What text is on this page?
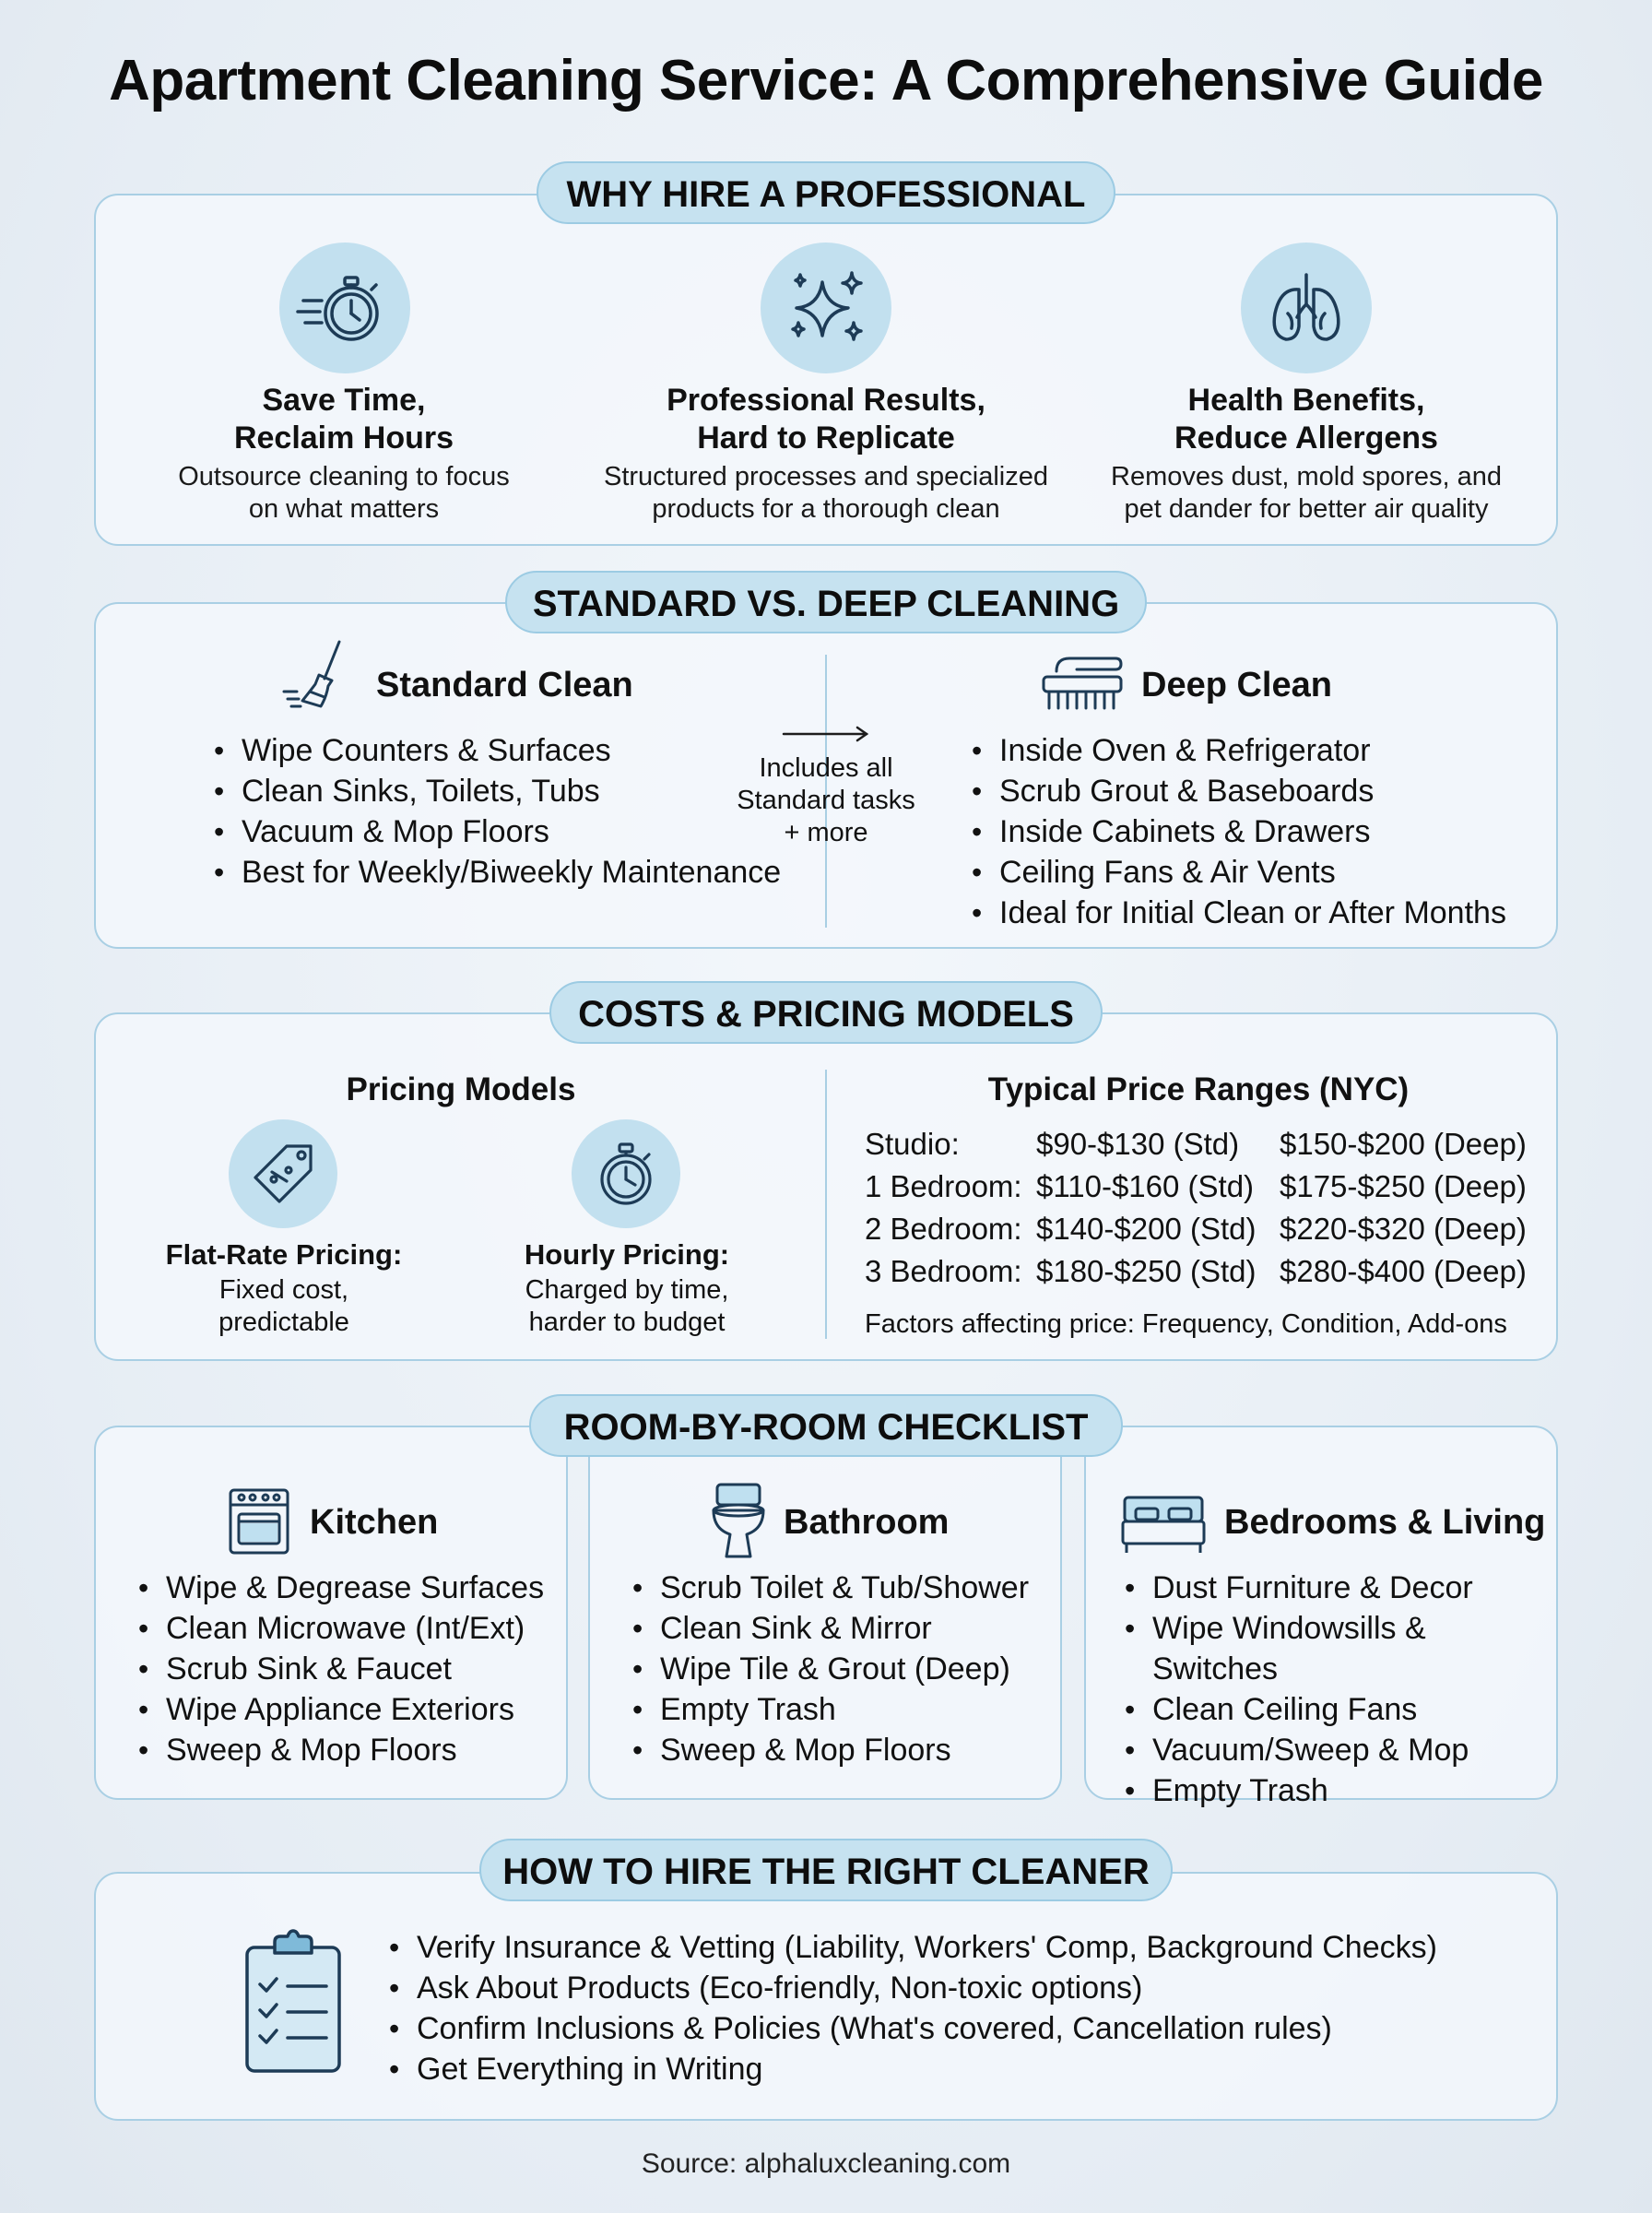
Apartment Cleaning Service: A Comprehensive Guide
WHY HIRE A PROFESSIONAL
Save Time,
Reclaim Hours
Outsource cleaning to focus
on what matters
Professional Results,
Hard to Replicate
Structured processes and specialized
products for a thorough clean
Health Benefits,
Reduce Allergens
Removes dust, mold spores, and
pet dander for better air quality
STANDARD VS. DEEP CLEANING
Standard Clean
• Wipe Counters & Surfaces
• Clean Sinks, Toilets, Tubs
• Vacuum & Mop Floors
• Best for Weekly/Biweekly Maintenance
Includes all
Standard tasks
+ more
Deep Clean
• Inside Oven & Refrigerator
• Scrub Grout & Baseboards
• Inside Cabinets & Drawers
• Ceiling Fans & Air Vents
• Ideal for Initial Clean or After Months
COSTS & PRICING MODELS
Pricing Models
Flat-Rate Pricing:
Fixed cost,
predictable
Hourly Pricing:
Charged by time,
harder to budget
Typical Price Ranges (NYC)
Studio:	$90-$130 (Std) $150-$200 (Deep)
1 Bedroom: $110-$160 (Std) $175-$250 (Deep)
2 Bedroom: $140-$200 (Std) $220-$320 (Deep)
3 Bedroom: $180-$250 (Std) $280-$400 (Deep)
Factors affecting price: Frequency, Condition, Add-ons
ROOM-BY-ROOM CHECKLIST
Kitchen
• Wipe & Degrease Surfaces
• Clean Microwave (Int/Ext)
• Scrub Sink & Faucet
• Wipe Appliance Exteriors
• Sweep & Mop Floors
Bathroom
• Scrub Toilet & Tub/Shower
• Clean Sink & Mirror
• Wipe Tile & Grout (Deep)
• Empty Trash
• Sweep & Mop Floors
Bedrooms & Living
• Dust Furniture & Decor
• Wipe Windowsills & Switches
• Clean Ceiling Fans
• Vacuum/Sweep & Mop
• Empty Trash
HOW TO HIRE THE RIGHT CLEANER
• Verify Insurance & Vetting (Liability, Workers' Comp, Background Checks)
• Ask About Products (Eco-friendly, Non-toxic options)
• Confirm Inclusions & Policies (What's covered, Cancellation rules)
• Get Everything in Writing
Source: alphaluxcleaning.com
